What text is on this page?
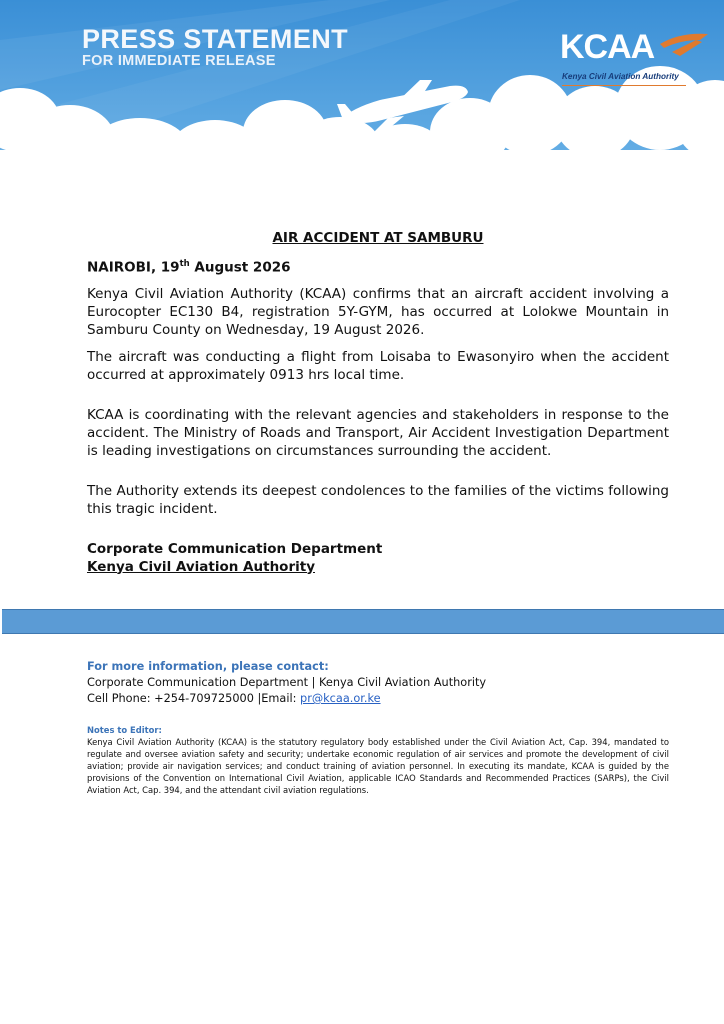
PRESS STATEMENT
FOR IMMEDIATE RELEASE	KCAA
Kenya Civil Aviation Authority

AIR ACCIDENT AT SAMBURU

NAIROBI, 19th August 2026

Kenya Civil Aviation Authority (KCAA) confirms that an aircraft accident involving a Eurocopter EC130 B4, registration 5Y-GYM, has occurred at Lolokwe Mountain in Samburu County on Wednesday, 19 August 2026.

The aircraft was conducting a flight from Loisaba to Ewasonyiro when the accident occurred at approximately 0913 hrs local time.

KCAA is coordinating with the relevant agencies and stakeholders in response to the accident. The Ministry of Roads and Transport, Air Accident Investigation Department is leading investigations on circumstances surrounding the accident.

The Authority extends its deepest condolences to the families of the victims following this tragic incident.

Corporate Communication Department

Kenya Civil Aviation Authority

For more information, please contact:
Corporate Communication Department | Kenya Civil Aviation Authority
Cell Phone: +254-709725000 |Email: pr@kcaa.or.ke
Notes to Editor:
Kenya Civil Aviation Authority (KCAA) is the statutory regulatory body established under the Civil Aviation Act, Cap. 394, mandated to regulate and oversee aviation safety and security; undertake economic regulation of air services and promote the development of civil aviation; provide air navigation services; and conduct training of aviation personnel. In executing its mandate, KCAA is guided by the provisions of the Convention on International Civil Aviation, applicable ICAO Standards and Recommended Practices (SARPs), the Civil Aviation Act, Cap. 394, and the attendant civil aviation regulations.
